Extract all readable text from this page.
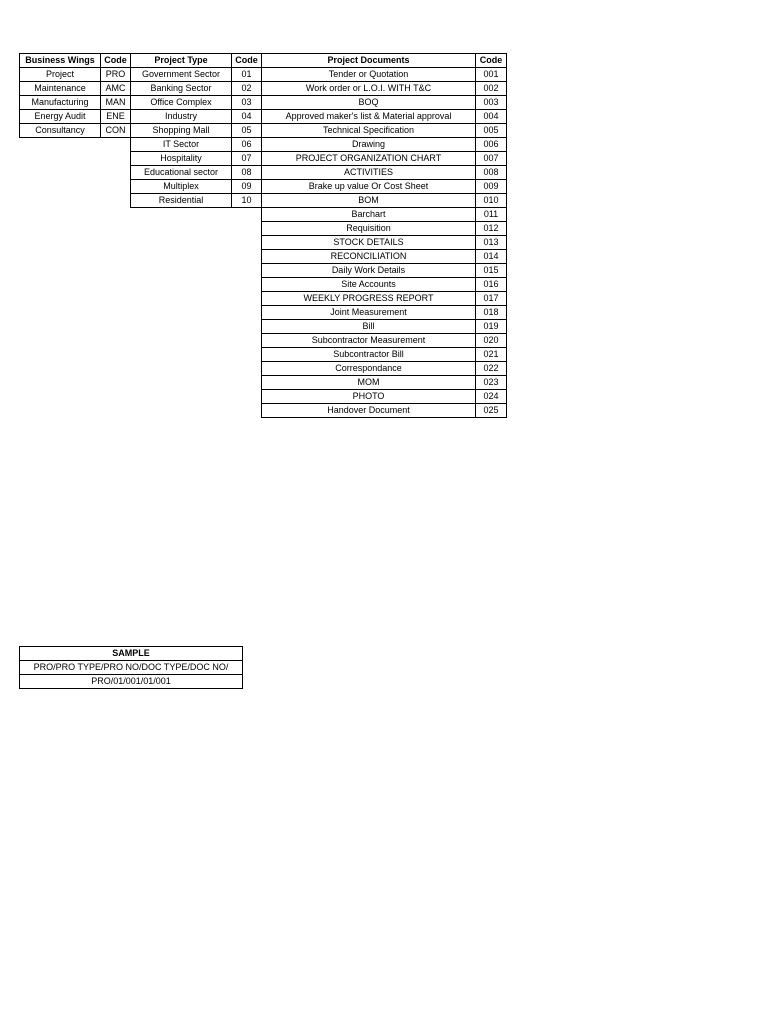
Business Wings	Code	Project Type	Code	Project Documents	Code
Project	PRO	Government Sector	01	Tender or Quotation	001
Maintenance	AMC	Banking Sector	02	Work order or L.O.I. WITH T&C	002
Manufacturing	MAN	Office Complex	03	BOQ	003
Energy Audit	ENE	Industry	04	Approved maker's list & Material approval	004
Consultancy	CON	Shopping Mall	05	Technical Specification	005
		IT Sector	06	Drawing	006
		Hospitality	07	PROJECT ORGANIZATION CHART	007
		Educational sector	08	ACTIVITIES	008
		Multiplex	09	Brake up value Or Cost Sheet	009
		Residential	10	BOM	010
				Barchart	011
				Requisition	012
				STOCK DETAILS	013
				RECONCILIATION	014
				Daily Work Details	015
				Site Accounts	016
				WEEKLY PROGRESS REPORT	017
				Joint Measurement	018
				Bill	019
				Subcontractor Measurement	020
				Subcontractor Bill	021
				Correspondance	022
				MOM	023
				PHOTO	024
				Handover Document	025
SAMPLE
PRO/PRO TYPE/PRO NO/DOC TYPE/DOC NO/
PRO/01/001/01/001
